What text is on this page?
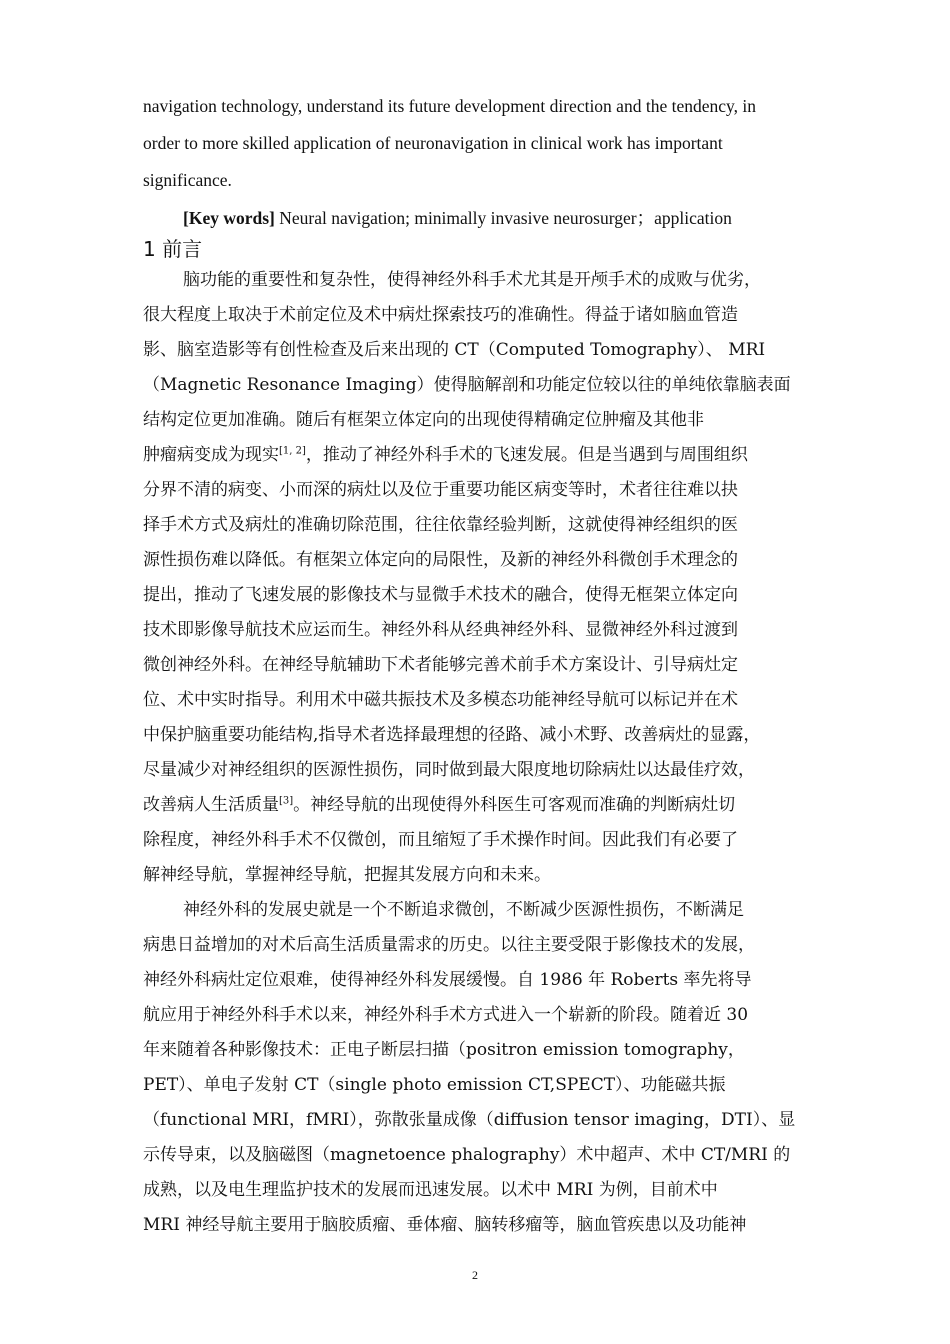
navigation technology, understand its future development direction and the tendency, in
order to more skilled application of neuronavigation in clinical work has important
significance.
[Key words] Neural navigation; minimally invasive neurosurger；application
1 前言
脑功能的重要性和复杂性，使得神经外科手术尤其是开颅手术的成败与优劣，
很大程度上取决于术前定位及术中病灶探索技巧的准确性。得益于诸如脑血管造
影、脑室造影等有创性检查及后来出现的 CT（Computed Tomography）、 MRI
（Magnetic Resonance Imaging）使得脑解剖和功能定位较以往的单纯依靠脑表面
结构定位更加准确。随后有框架立体定向的出现使得精确定位肿瘤及其他非
肿瘤病变成为现实[1, 2]，推动了神经外科手术的飞速发展。但是当遇到与周围组织
分界不清的病变、小而深的病灶以及位于重要功能区病变等时，术者往往难以抉
择手术方式及病灶的准确切除范围，往往依靠经验判断，这就使得神经组织的医
源性损伤难以降低。有框架立体定向的局限性，及新的神经外科微创手术理念的
提出，推动了飞速发展的影像技术与显微手术技术的融合，使得无框架立体定向
技术即影像导航技术应运而生。神经外科从经典神经外科、显微神经外科过渡到
微创神经外科。在神经导航辅助下术者能够完善术前手术方案设计、引导病灶定
位、术中实时指导。利用术中磁共振技术及多模态功能神经导航可以标记并在术
中保护脑重要功能结构,指导术者选择最理想的径路、减小术野、改善病灶的显露，
尽量减少对神经组织的医源性损伤，同时做到最大限度地切除病灶以达最佳疗效，
改善病人生活质量[3]。神经导航的出现使得外科医生可客观而准确的判断病灶切
除程度，神经外科手术不仅微创，而且缩短了手术操作时间。因此我们有必要了
解神经导航，掌握神经导航，把握其发展方向和未来。
神经外科的发展史就是一个不断追求微创，不断减少医源性损伤，不断满足
病患日益增加的对术后高生活质量需求的历史。以往主要受限于影像技术的发展，
神经外科病灶定位艰难，使得神经外科发展缓慢。自 1986 年 Roberts 率先将导
航应用于神经外科手术以来，神经外科手术方式进入一个崭新的阶段。随着近 30
年来随着各种影像技术：正电子断层扫描（positron emission tomography，
PET）、单电子发射 CT（single photo emission CT,SPECT）、功能磁共振
（functional MRI，fMRI），弥散张量成像（diffusion tensor imaging，DTI）、显
示传导束，以及脑磁图（magnetoence phalography）术中超声、术中 CT/MRI 的
成熟，以及电生理监护技术的发展而迅速发展。以术中 MRI 为例，目前术中
MRI 神经导航主要用于脑胶质瘤、垂体瘤、脑转移瘤等，脑血管疾患以及功能神
2
